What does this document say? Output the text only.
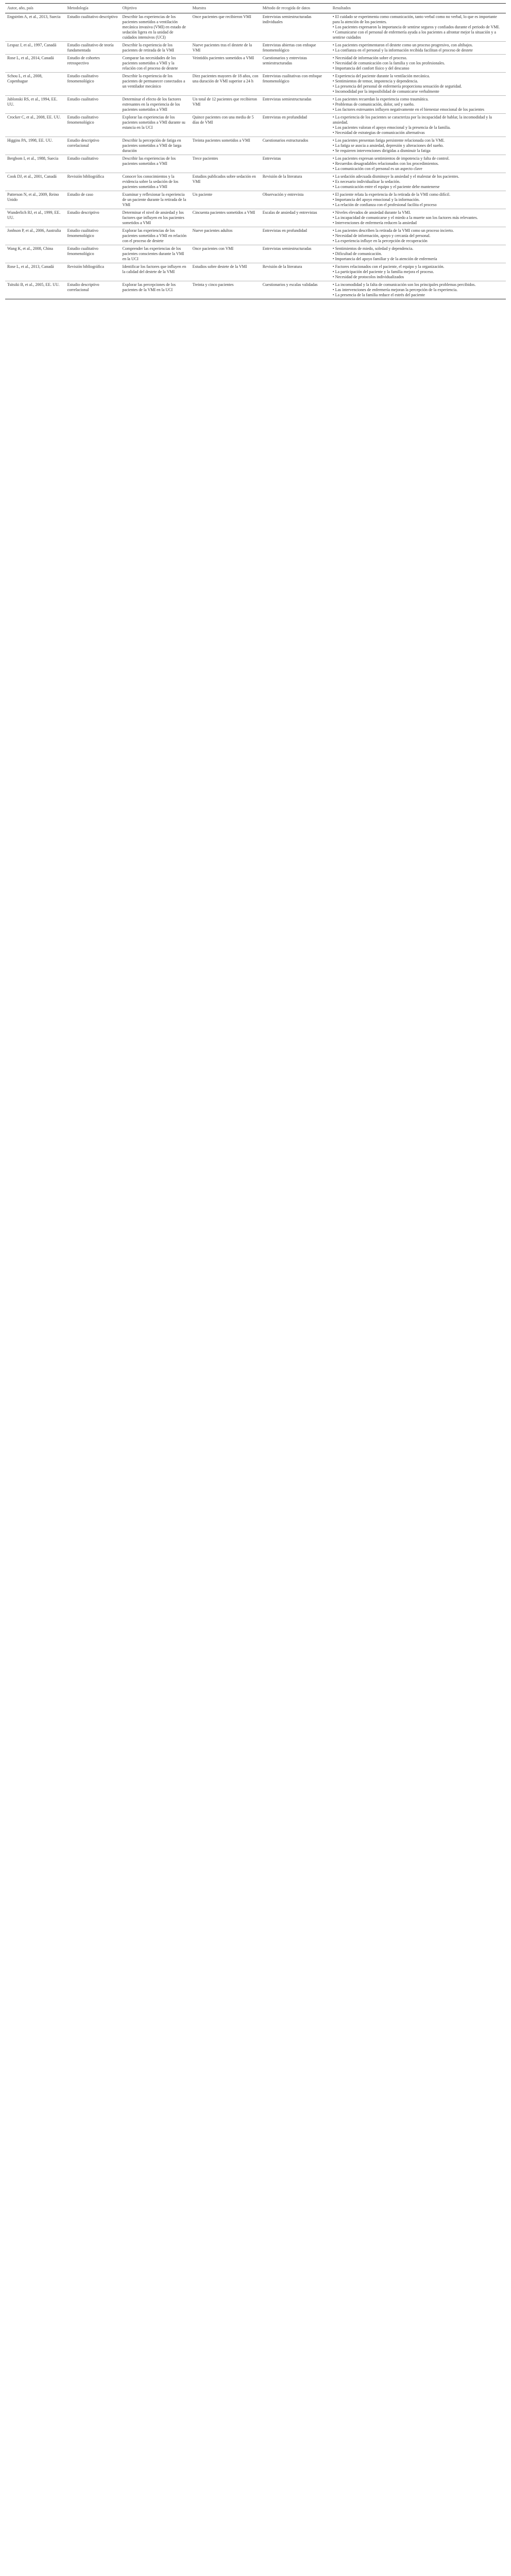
Autor, año, país	Metodología	Objetivo	Muestra	Método de recogida de datos	Resultados
Engström A, et al., 2013, Suecia	Estudio cualitativo descriptivo	Describir las experiencias de los pacientes sometidos a ventilación mecánica invasiva (VMI) en estado de sedación ligera en la unidad de cuidados intensivos (UCI)	Once pacientes que recibieron VMI	Entrevistas semiestructuradas individuales	• El cuidado se experimenta como comunicación, tanto verbal como no verbal, lo que es importante para la atención de los pacientes.
• Los pacientes expresaron la importancia de sentirse seguros y confiados durante el periodo de VMI.
• Comunicarse con el personal de enfermería ayuda a los pacientes a afrontar mejor la situación y a sentirse cuidados
Lespaz J, et al., 1997, Canadá	Estudio cualitativo de teoría fundamentada	Describir la experiencia de los pacientes de retirada de la VMI	Nueve pacientes tras el destete de la VMI	Entrevistas abiertas con enfoque fenomenológico	• Los pacientes experimentaron el destete como un proceso progresivo, con altibajos.
• La confianza en el personal y la información recibida facilitan el proceso de destete
Rose L, et al., 2014, Canadá	Estudio de cohortes retrospectivo	Comparar las necesidades de los pacientes sometidos a VMI y la relación con el proceso de destete	Veintidós pacientes sometidos a VMI	Cuestionarios y entrevistas semiestructuradas	• Necesidad de información sobre el proceso.
• Necesidad de comunicación con la familia y con los profesionales.
• Importancia del confort físico y del descanso
Schou L, et al., 2008, Copenhague	Estudio cualitativo fenomenológico	Describir la experiencia de los pacientes de permanecer conectados a un ventilador mecánico	Diez pacientes mayores de 18 años, con una duración de VMI superior a 24 h	Entrevistas cualitativas con enfoque fenomenológico	• Experiencia del paciente durante la ventilación mecánica.
• Sentimientos de temor, impotencia y dependencia.
• La presencia del personal de enfermería proporciona sensación de seguridad.
• Incomodidad por la imposibilidad de comunicarse verbalmente
Jablonski RS, et al., 1994, EE. UU.	Estudio cualitativo	Determinar el efecto de los factores estresantes en la experiencia de los pacientes sometidos a VMI	Un total de 12 pacientes que recibieron VMI	Entrevistas semiestructuradas	• Los pacientes recuerdan la experiencia como traumática.
• Problemas de comunicación, dolor, sed y sueño.
• Los factores estresantes influyen negativamente en el bienestar emocional de los pacientes
Crocker C, et al., 2008, EE. UU.	Estudio cualitativo fenomenológico	Explorar las experiencias de los pacientes sometidos a VMI durante su estancia en la UCI	Quince pacientes con una media de 5 días de VMI	Entrevistas en profundidad	• La experiencia de los pacientes se caracteriza por la incapacidad de hablar, la incomodidad y la ansiedad.
• Los pacientes valoran el apoyo emocional y la presencia de la familia.
• Necesidad de estrategias de comunicación alternativas
Higgins PA, 1998, EE. UU.	Estudio descriptivo correlacional	Describir la percepción de fatiga en pacientes sometidos a VMI de larga duración	Treinta pacientes sometidos a VMI	Cuestionarios estructurados	• Los pacientes presentan fatiga persistente relacionada con la VMI.
• La fatiga se asocia a ansiedad, depresión y alteraciones del sueño.
• Se requieren intervenciones dirigidas a disminuir la fatiga
Bergbom I, et al., 1988, Suecia	Estudio cualitativo	Describir las experiencias de los pacientes sometidos a VMI	Trece pacientes	Entrevistas	• Los pacientes expresan sentimientos de impotencia y falta de control.
• Recuerdos desagradables relacionados con los procedimientos.
• La comunicación con el personal es un aspecto clave
Cook DJ, et al., 2001, Canadá	Revisión bibliográfica	Conocer los conocimientos y la evidencia sobre la sedación de los pacientes sometidos a VMI	Estudios publicados sobre sedación en VMI	Revisión de la literatura	• La sedación adecuada disminuye la ansiedad y el malestar de los pacientes.
• Es necesario individualizar la sedación.
• La comunicación entre el equipo y el paciente debe mantenerse
Patterson N, et al., 2009, Reino Unido	Estudio de caso	Examinar y reflexionar la experiencia de un paciente durante la retirada de la VMI	Un paciente	Observación y entrevista	• El paciente relata la experiencia de la retirada de la VMI como difícil.
• Importancia del apoyo emocional y la información.
• La relación de confianza con el profesional facilita el proceso
Wunderlich RJ, et al., 1999, EE. UU.	Estudio descriptivo	Determinar el nivel de ansiedad y los factores que influyen en los pacientes sometidos a VMI	Cincuenta pacientes sometidos a VMI	Escalas de ansiedad y entrevistas	• Niveles elevados de ansiedad durante la VMI.
• La incapacidad de comunicarse y el miedo a la muerte son los factores más relevantes.
• Intervenciones de enfermería reducen la ansiedad
Jonhson P, et al., 2006, Australia	Estudio cualitativo fenomenológico	Explorar las experiencias de los pacientes sometidos a VMI en relación con el proceso de destete	Nueve pacientes adultos	Entrevistas en profundidad	• Los pacientes describen la retirada de la VMI como un proceso incierto.
• Necesidad de información, apoyo y cercanía del personal.
• La experiencia influye en la percepción de recuperación
Wang K, et al., 2008, China	Estudio cualitativo fenomenológico	Comprender las experiencias de los pacientes conscientes durante la VMI en la UCI	Once pacientes con VMI	Entrevistas semiestructuradas	• Sentimientos de miedo, soledad y dependencia.
• Dificultad de comunicación.
• Importancia del apoyo familiar y de la atención de enfermería
Rose L, et al., 2013, Canadá	Revisión bibliográfica	Identificar los factores que influyen en la calidad del destete de la VMI	Estudios sobre destete de la VMI	Revisión de la literatura	• Factores relacionados con el paciente, el equipo y la organización.
• La participación del paciente y la familia mejora el proceso.
• Necesidad de protocolos individualizados
Tsitsiki B, et al., 2005, EE. UU.	Estudio descriptivo correlacional	Explorar las percepciones de los pacientes de la VMI en la UCI	Treinta y cinco pacientes	Cuestionarios y escalas validadas	• La incomodidad y la falta de comunicación son los principales problemas percibidos.
• Las intervenciones de enfermería mejoran la percepción de la experiencia.
• La presencia de la familia reduce el estrés del paciente
